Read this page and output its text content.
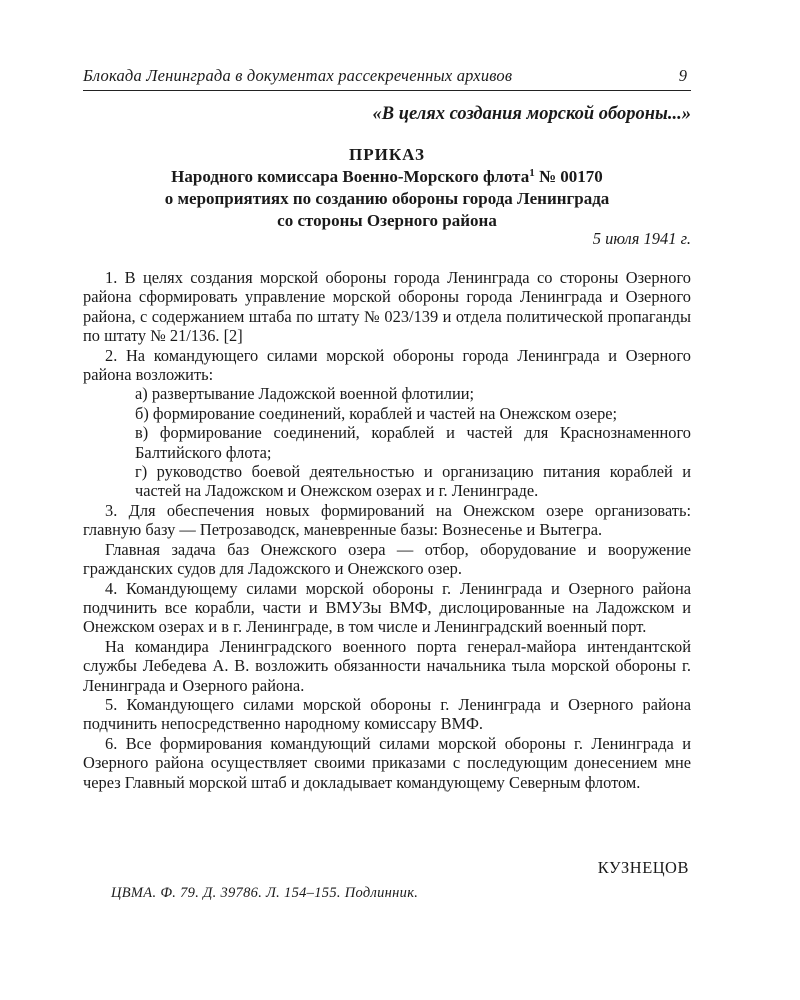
Блокада Ленинграда в документах рассекреченных архивов	9
«В целях создания морской обороны...»
ПРИКАЗ
Народного комиссара Военно-Морского флота$^1$ № 00170
о мероприятиях по созданию обороны города Ленинграда
со стороны Озерного района
5 июля 1941 г.

1. В целях создания морской обороны города Ленинграда со стороны Озерного района сформировать управление морской обороны города Ленинграда и Озерного района, с содержанием штаба по штату № 023/139 и отдела политической пропаганды по штату № 21/136. [2]

2. На командующего силами морской обороны города Ленинграда и Озерного района возложить:

а) развертывание Ладожской военной флотилии;

б) формирование соединений, кораблей и частей на Онежском озере;

в) формирование соединений, кораблей и частей для Краснознаменного Балтийского флота;

г) руководство боевой деятельностью и организацию питания кораблей и частей на Ладожском и Онежском озерах и г. Ленинграде.

3. Для обеспечения новых формирований на Онежском озере организовать: главную базу — Петрозаводск, маневренные базы: Вознесенье и Вытегра.

Главная задача баз Онежского озера — отбор, оборудование и вооружение гражданских судов для Ладожского и Онежского озер.

4. Командующему силами морской обороны г. Ленинграда и Озерного района подчинить все корабли, части и ВМУЗы ВМФ, дислоцированные на Ладожском и Онежском озерах и в г. Ленинграде, в том числе и Ленинградский военный порт.

На командира Ленинградского военного порта генерал-майора интендантской службы Лебедева А. В. возложить обязанности начальника тыла морской обороны г. Ленинграда и Озерного района.

5. Командующего силами морской обороны г. Ленинграда и Озерного района подчинить непосредственно народному комиссару ВМФ.

6. Все формирования командующий силами морской обороны г. Ленинграда и Озерного района осуществляет своими приказами с последующим донесением мне через Главный морской штаб и докладывает командующему Северным флотом.

КУЗНЕЦОВ
ЦВМА. Ф. 79. Д. 39786. Л. 154–155. Подлинник.
